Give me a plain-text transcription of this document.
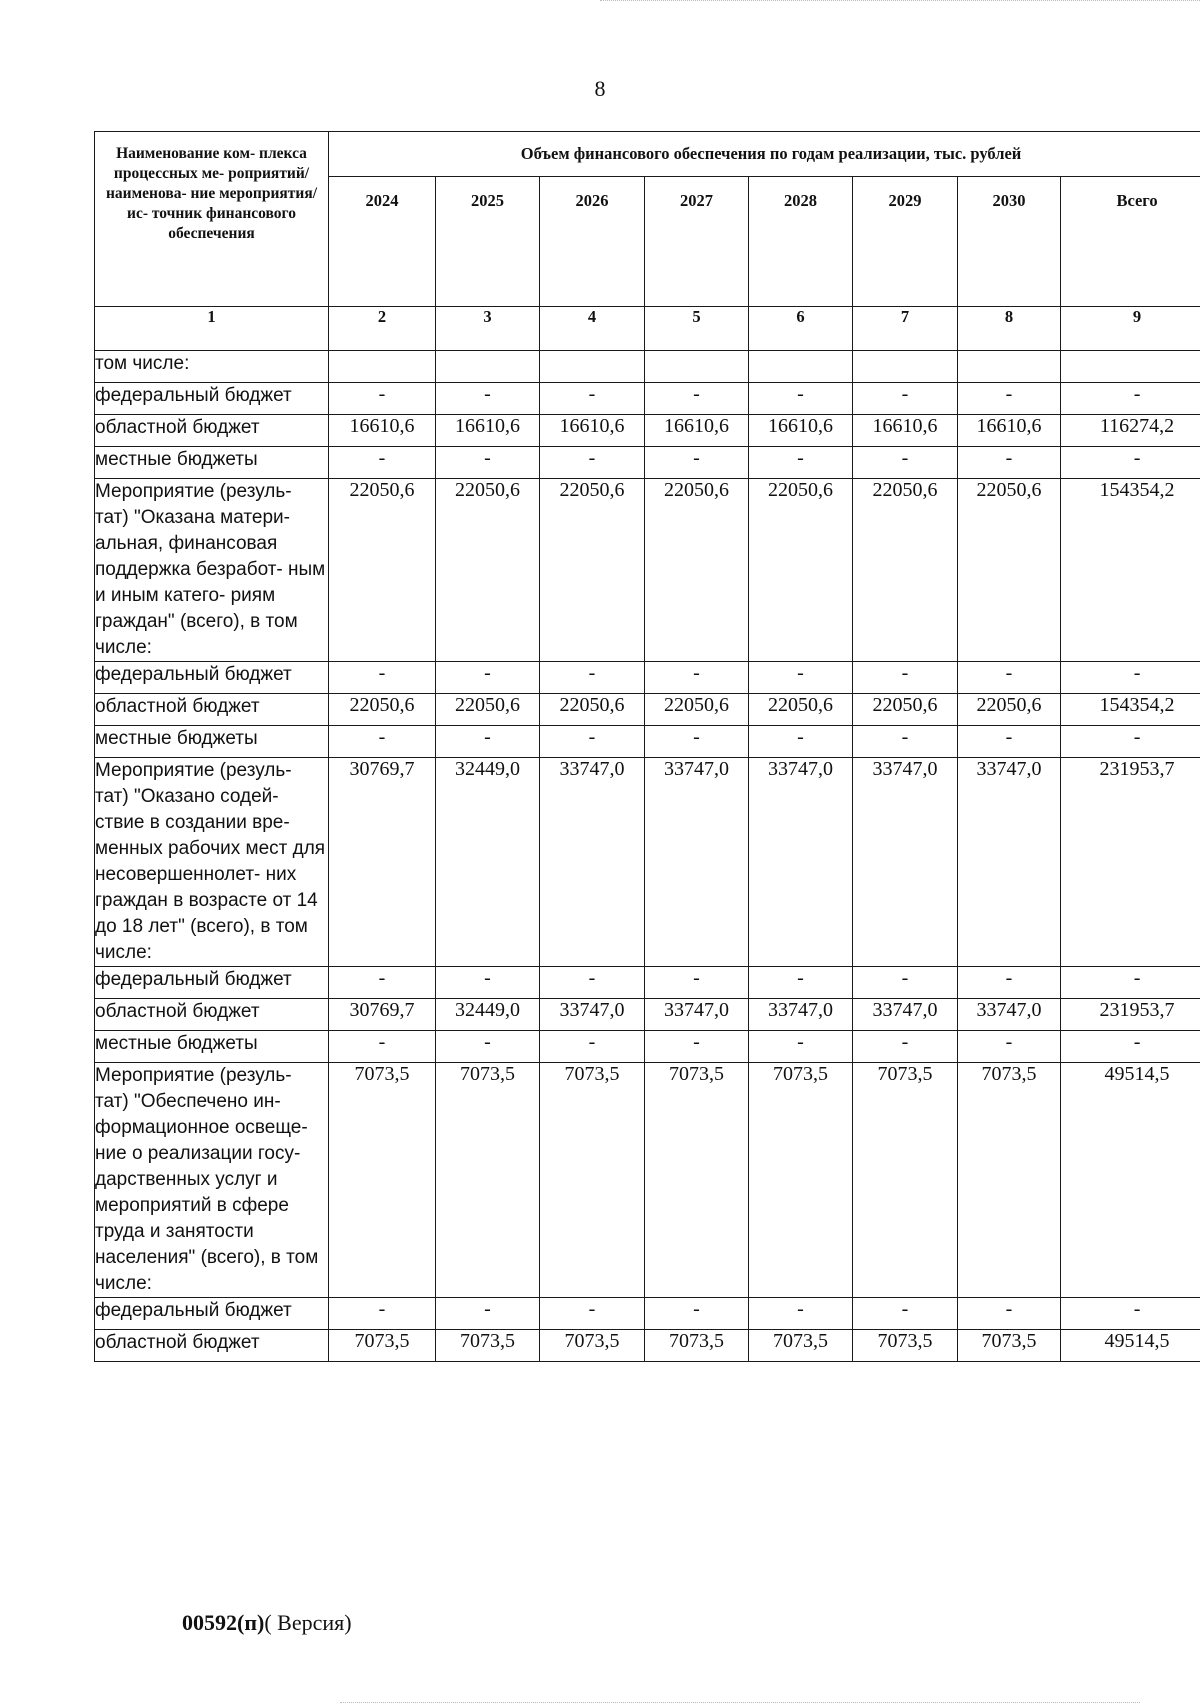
8
Наименование ком- плекса процессных ме- роприятий/наименова- ние мероприятия/ис- точник финансового обеспечения	Объем финансового обеспечения по годам реализации, тыс. рублей							
	2024	2025	2026	2027	2028	2029	2030	Всего
1	2	3	4	5	6	7	8	9
том числе:								
федеральный бюджет	-	-	-	-	-	-	-	-
областной бюджет	16610,6	16610,6	16610,6	16610,6	16610,6	16610,6	16610,6	116274,2
местные бюджеты	-	-	-	-	-	-	-	-
Мероприятие (резуль- тат) "Оказана матери- альная, финансовая поддержка безработ- ным и иным катего- риям граждан" (всего), в том числе:	22050,6	22050,6	22050,6	22050,6	22050,6	22050,6	22050,6	154354,2
федеральный бюджет	-	-	-	-	-	-	-	-
областной бюджет	22050,6	22050,6	22050,6	22050,6	22050,6	22050,6	22050,6	154354,2
местные бюджеты	-	-	-	-	-	-	-	-
Мероприятие (резуль- тат) "Оказано содей- ствие в создании вре- менных рабочих мест для несовершеннолет- них граждан в возрасте от 14 до 18 лет" (всего), в том числе:	30769,7	32449,0	33747,0	33747,0	33747,0	33747,0	33747,0	231953,7
федеральный бюджет	-	-	-	-	-	-	-	-
областной бюджет	30769,7	32449,0	33747,0	33747,0	33747,0	33747,0	33747,0	231953,7
местные бюджеты	-	-	-	-	-	-	-	-
Мероприятие (резуль- тат) "Обеспечено ин- формационное освеще- ние о реализации госу- дарственных услуг и мероприятий в сфере труда и занятости населения" (всего), в том числе:	7073,5	7073,5	7073,5	7073,5	7073,5	7073,5	7073,5	49514,5
федеральный бюджет	-	-	-	-	-	-	-	-
областной бюджет	7073,5	7073,5	7073,5	7073,5	7073,5	7073,5	7073,5	49514,5
00592(п)( Версия)
